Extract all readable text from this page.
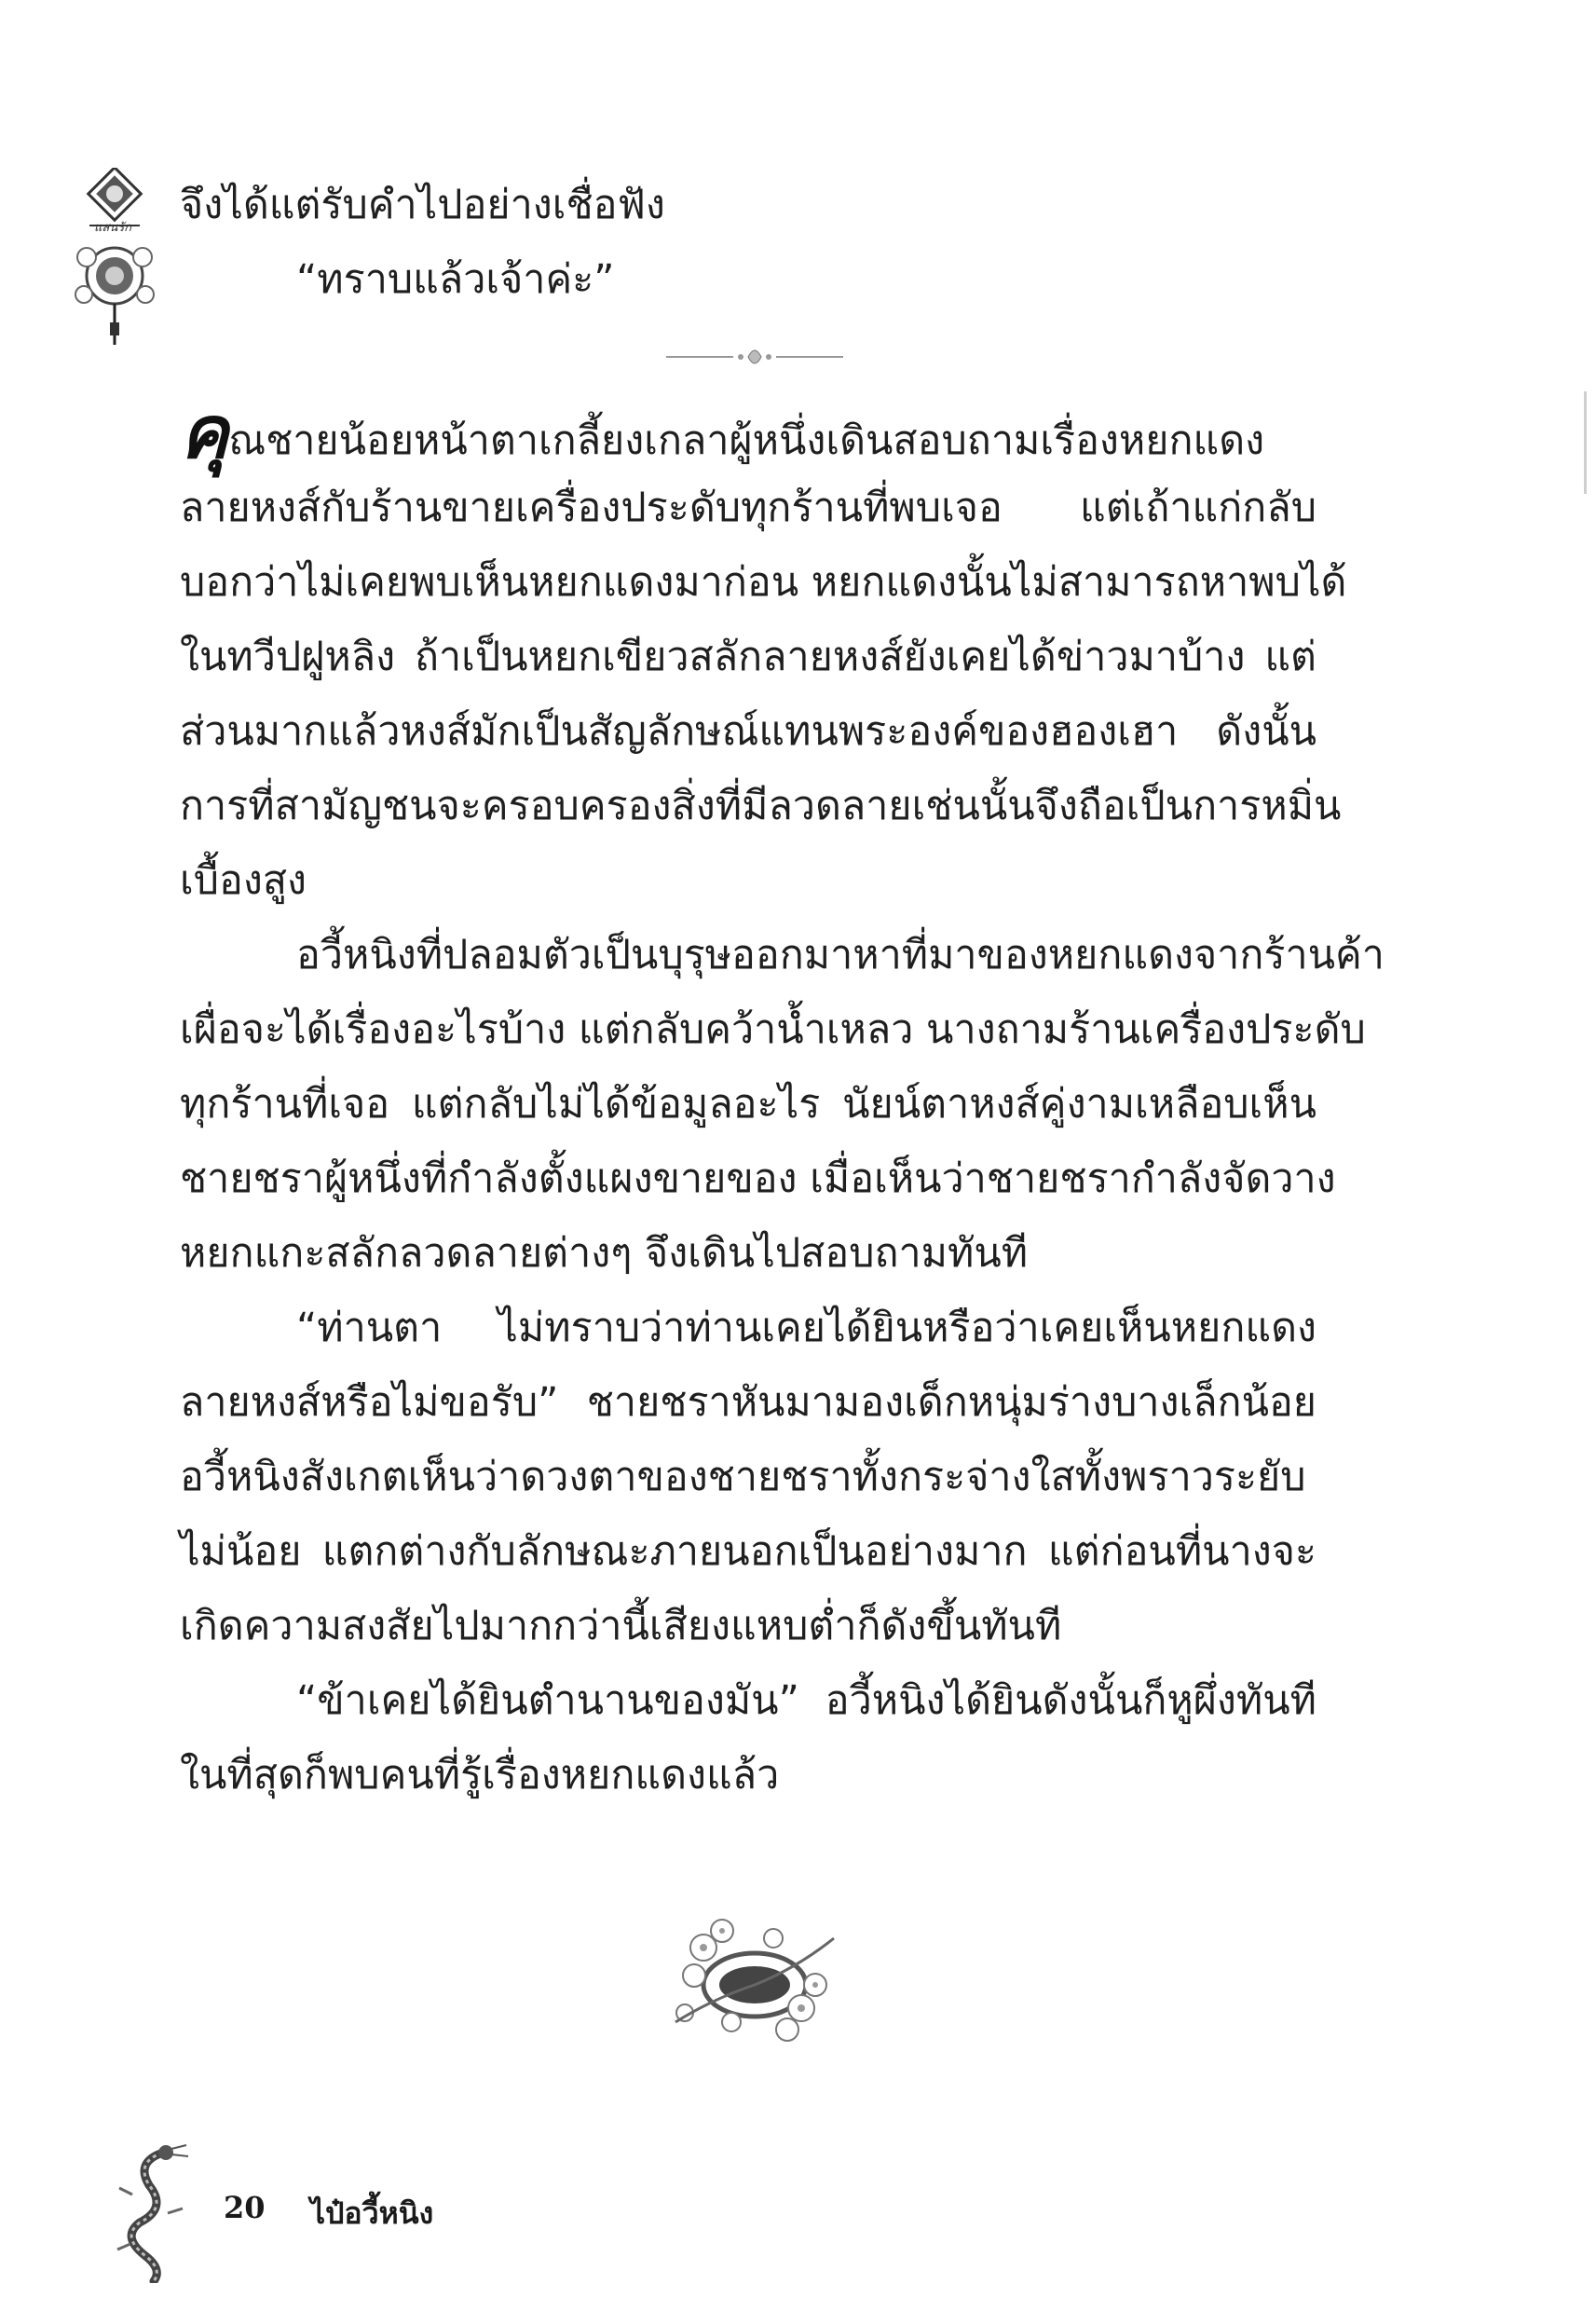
แสนรัก จึงได้แต่รับคำไปอย่างเชื่อฟัง
“ทราบแล้วเจ้าค่ะ”
คุณชายน้อยหน้าตาเกลี้ยงเกลาผู้หนึ่งเดินสอบถามเรื่องหยกแดง
ลายหงส์กับร้านขายเครื่องประดับทุกร้านที่พบเจอ แต่เถ้าแก่กลับ
บอกว่าไม่เคยพบเห็นหยกแดงมาก่อน หยกแดงนั้นไม่สามารถหาพบได้
ในทวีปฝูหลิง ถ้าเป็นหยกเขียวสลักลายหงส์ยังเคยได้ข่าวมาบ้าง แต่
ส่วนมากแล้วหงส์มักเป็นสัญลักษณ์แทนพระองค์ของฮองเฮา ดังนั้น
การที่สามัญชนจะครอบครองสิ่งที่มีลวดลายเช่นนั้นจึงถือเป็นการหมิ่น
เบื้องสูง
อวี้หนิงที่ปลอมตัวเป็นบุรุษออกมาหาที่มาของหยกแดงจากร้านค้า
เผื่อจะได้เรื่องอะไรบ้าง แต่กลับคว้าน้ำเหลว นางถามร้านเครื่องประดับ
ทุกร้านที่เจอ แต่กลับไม่ได้ข้อมูลอะไร นัยน์ตาหงส์คู่งามเหลือบเห็น
ชายชราผู้หนึ่งที่กำลังตั้งแผงขายของ เมื่อเห็นว่าชายชรากำลังจัดวาง
หยกแกะสลักลวดลายต่างๆ จึงเดินไปสอบถามทันที
“ท่านตา ไม่ทราบว่าท่านเคยได้ยินหรือว่าเคยเห็นหยกแดง
ลายหงส์หรือไม่ขอรับ” ชายชราหันมามองเด็กหนุ่มร่างบางเล็กน้อย
อวี้หนิงสังเกตเห็นว่าดวงตาของชายชราทั้งกระจ่างใสทั้งพราวระยับ
ไม่น้อย แตกต่างกับลักษณะภายนอกเป็นอย่างมาก แต่ก่อนที่นางจะ
เกิดความสงสัยไปมากกว่านี้เสียงแหบต่ำก็ดังขึ้นทันที
“ข้าเคยได้ยินตำนานของมัน” อวี้หนิงได้ยินดังนั้นก็หูผึ่งทันที
ในที่สุดก็พบคนที่รู้เรื่องหยกแดงแล้ว
20 ไป๋อวี้หนิง
